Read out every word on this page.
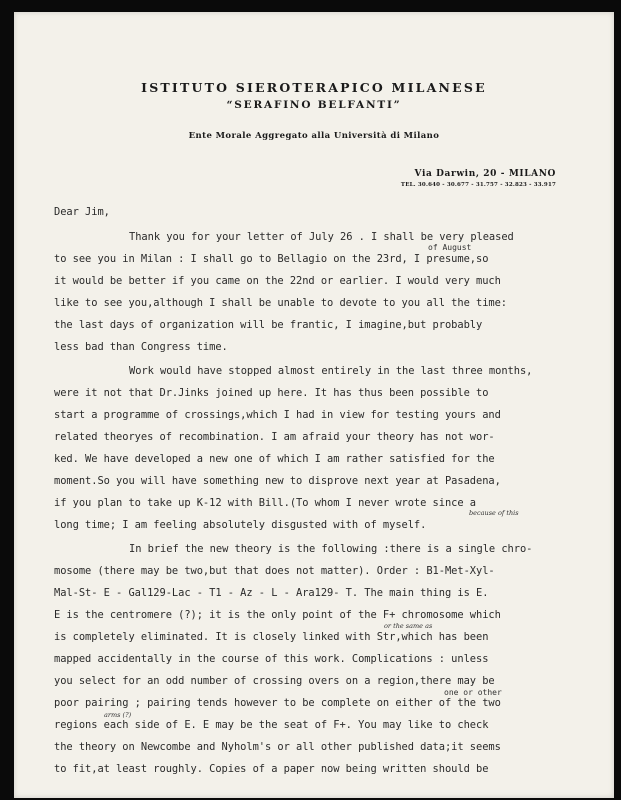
ISTITUTO SIEROTERAPICO MILANESE
“SERAFINO BELFANTI”
Ente Morale Aggregato alla Università di Milano
Via Darwin, 20 - MILANO
TEL. 30.640 - 30.677 - 31.757 - 32.823 - 33.917
Dear Jim,
Thank you for your letter of July 26 . I shall be very pleased
to see you in Milan : I shall go to Bellagio on the 23rd, I presume,so
it would be better if you came on the 22nd or earlier. I would very much
like to see you,although I shall be unable to devote to you all the time:
the last days of organization will be frantic, I imagine,but probably
less bad than Congress time.
Work would have stopped almost entirely in the last three months,
were it not that Dr.Jinks joined up here. It has thus been possible to
start a programme of crossings,which I had in view for testing yours and
related theoryes of recombination. I am afraid your theory has not wor-
ked. We have developed a new one of which I am rather satisfied for the
moment.So you will have something new to disprove next year at Pasadena,
if you plan to take up K-12 with Bill.(To whom I never wrote since a
long time; I am feeling absolutely disgusted with of myself.
In brief the new theory is the following :there is a single chro-
mosome (there may be two,but that does not matter). Order : B1-Met-Xyl-
Mal-St- E - Gal129-Lac - T1 - Az - L - Ara129- T. The main thing is E.
E is the centromere (?); it is the only point of the F+ chromosome which
is completely eliminated. It is closely linked with Str,which has been
mapped accidentally in the course of this work. Complications : unless
you select for an odd number of crossing overs on a region,there may be
poor pairing ; pairing tends however to be complete on either of the two
regions each side of E. E may be the seat of F+. You may like to check
the theory on Newcombe and Nyholm's or all other published data;it seems
to fit,at least roughly. Copies of a paper now being written should be
of August
because of this
or the same as
one or other
arms (?)
